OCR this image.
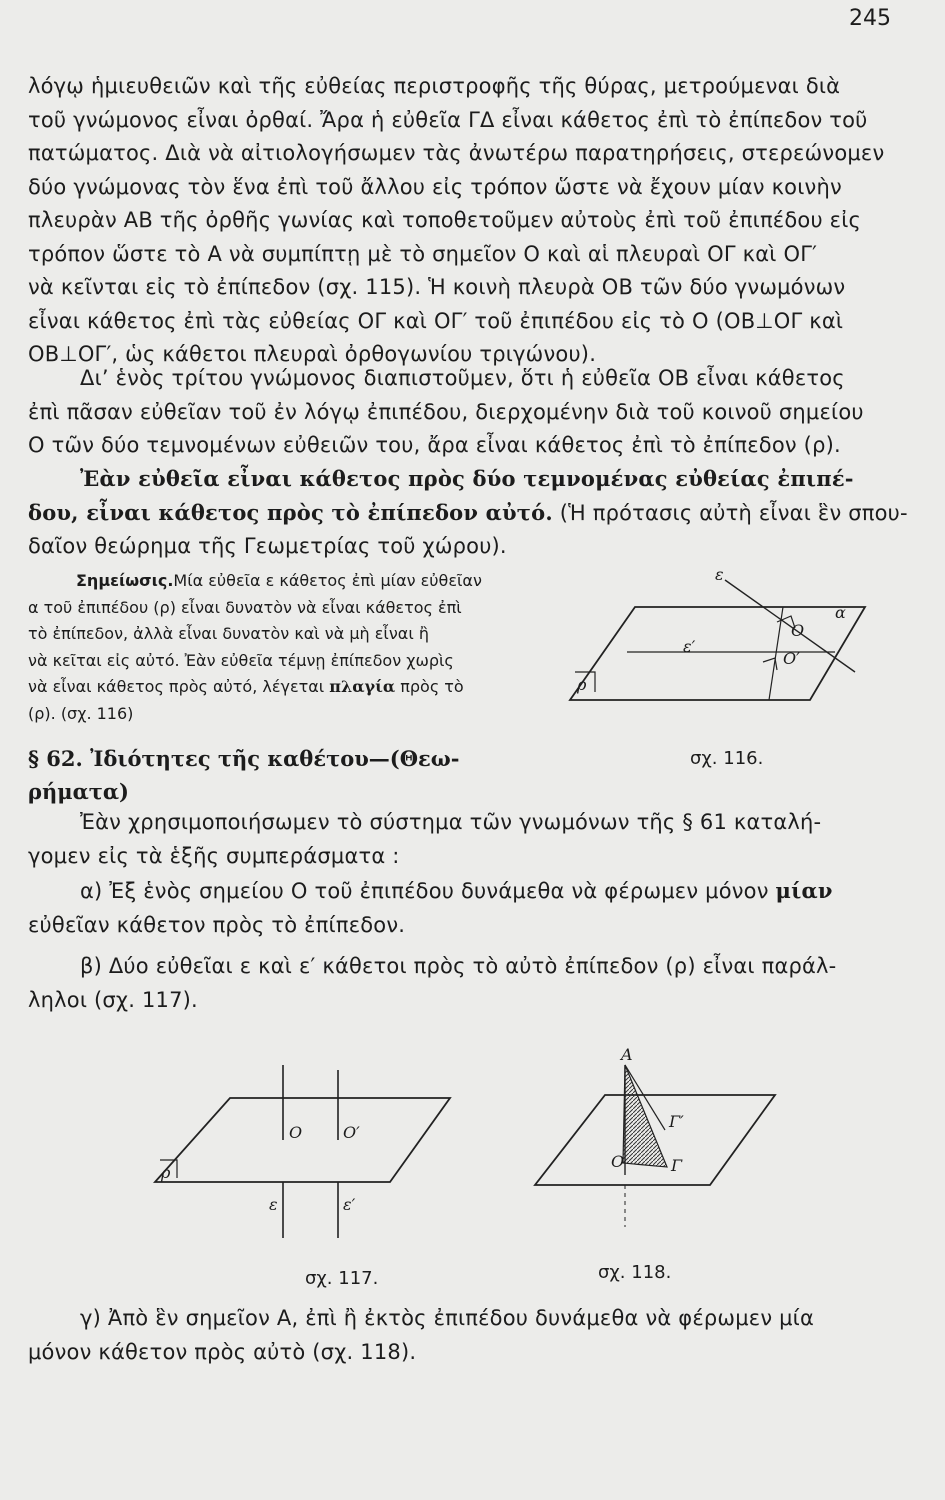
245
λόγῳ ἡμιευθειῶν καὶ τῆς εὐθείας περιστροφῆς τῆς θύρας, μετρούμεναι διὰ
τοῦ γνώμονος εἶναι ὀρθαί. Ἄρα ἡ εὐθεῖα ΓΔ εἶναι κάθετος ἐπὶ τὸ ἐπίπεδον τοῦ
πατώματος. Διὰ νὰ αἰτιολογήσωμεν τὰς ἀνωτέρω παρατηρήσεις, στερεώνομεν
δύο γνώμονας τὸν ἕνα ἐπὶ τοῦ ἄλλου εἰς τρόπον ὥστε νὰ ἔχουν μίαν κοινὴν
πλευρὰν ΑΒ τῆς ὀρθῆς γωνίας καὶ τοποθετοῦμεν αὐτοὺς ἐπὶ τοῦ ἐπιπέδου εἰς
τρόπον ὥστε τὸ Α νὰ συμπίπτῃ μὲ τὸ σημεῖον Ο καὶ αἱ πλευραὶ ΟΓ καὶ ΟΓ′
νὰ κεῖνται εἰς τὸ ἐπίπεδον (σχ. 115). Ἡ κοινὴ πλευρὰ ΟΒ τῶν δύο γνωμόνων
εἶναι κάθετος ἐπὶ τὰς εὐθείας ΟΓ καὶ ΟΓ′ τοῦ ἐπιπέδου εἰς τὸ Ο (ΟΒ⊥ΟΓ καὶ
ΟΒ⊥ΟΓ′, ὡς κάθετοι πλευραὶ ὀρθογωνίου τριγώνου).
Δι’ ἑνὸς τρίτου γνώμονος διαπιστοῦμεν, ὅτι ἡ εὐθεῖα ΟΒ εἶναι κάθετος
ἐπὶ πᾶσαν εὐθεῖαν τοῦ ἐν λόγῳ ἐπιπέδου, διερχομένην διὰ τοῦ κοινοῦ σημείου
Ο τῶν δύο τεμνομένων εὐθειῶν του, ἄρα εἶναι κάθετος ἐπὶ τὸ ἐπίπεδον (ρ).
Ἐὰν εὐθεῖα εἶναι κάθετος πρὸς δύο τεμνομένας εὐθείας ἐπιπέ-
δου, εἶναι κάθετος πρὸς τὸ ἐπίπεδον αὐτό. (Ἡ πρότασις αὐτὴ εἶναι ἓν σπου-
δαῖον θεώρημα τῆς Γεωμετρίας τοῦ χώρου).
Σημείωσις.Μία εὐθεῖα ε κάθετος ἐπὶ μίαν εὐθεῖαν
α τοῦ ἐπιπέδου (ρ) εἶναι δυνατὸν νὰ εἶναι κάθετος ἐπὶ
τὸ ἐπίπεδον, ἀλλὰ εἶναι δυνατὸν καὶ νὰ μὴ εἶναι ἢ
νὰ κεῖται εἰς αὐτό. Ἐὰν εὐθεῖα τέμνῃ ἐπίπεδον χωρὶς
νὰ εἶναι κάθετος πρὸς αὐτό, λέγεται πλαγία πρὸς τὸ
(ρ). (σχ. 116)
ε
α
ε′
Ο
Ο′
ρ
σχ. 116.
§ 62. Ἰδιότητες τῆς καθέτου—(Θεω-
ρήματα)
Ἐὰν χρησιμοποιήσωμεν τὸ σύστημα τῶν γνωμόνων τῆς § 61 καταλή-
γομεν εἰς τὰ ἑξῆς συμπεράσματα :
α) Ἐξ ἑνὸς σημείου Ο τοῦ ἐπιπέδου δυνάμεθα νὰ φέρωμεν μόνον μίαν
εὐθεῖαν κάθετον πρὸς τὸ ἐπίπεδον.
β) Δύο εὐθεῖαι ε καὶ ε′ κάθετοι πρὸς τὸ αὐτὸ ἐπίπεδον (ρ) εἶναι παράλ-
ληλοι (σχ. 117).
Ο	Ο′
ε	ε′
ρ
σχ. 117.
Α
Γ
Γ′
Ο
σχ. 118.
γ) Ἀπὸ ἓν σημεῖον Α, ἐπὶ ἢ ἐκτὸς ἐπιπέδου δυνάμεθα νὰ φέρωμεν μία
μόνον κάθετον πρὸς αὐτὸ (σχ. 118).
